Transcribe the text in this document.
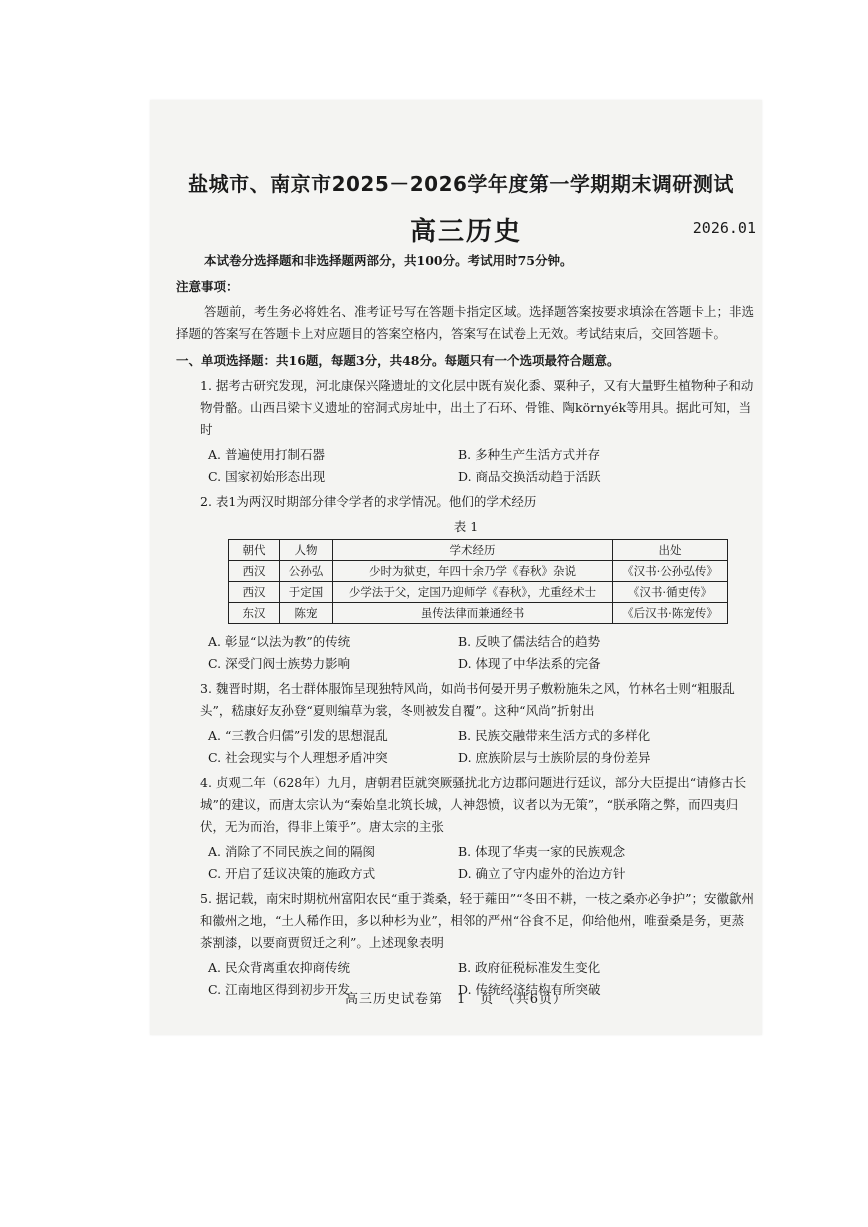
盐城市、南京市2025－2026学年度第一学期期末调研测试
高三历史	2026.01

本试卷分选择题和非选择题两部分，共100分。考试用时75分钟。

注意事项：

答题前，考生务必将姓名、准考证号写在答题卡指定区域。选择题答案按要求填涂在答题卡上；非选择题的答案写在答题卡上对应题目的答案空格内，答案写在试卷上无效。考试结束后，交回答题卡。

一、单项选择题：共16题，每题3分，共48分。每题只有一个选项最符合题意。

1. 据考古研究发现，河北康保兴隆遗址的文化层中既有炭化黍、粟种子，又有大量野生植物种子和动物骨骼。山西吕梁卞义遗址的窑洞式房址中，出土了石环、骨锥、陶környék等用具。据此可知，当时

A. 普遍使用打制石器	B. 多种生产生活方式并存
C. 国家初始形态出现	D. 商品交换活动趋于活跃

2. 表1为两汉时期部分律令学者的求学情况。他们的学术经历

表 1

朝代	人物	学术经历	出处
西汉	公孙弘	少时为狱吏，年四十余乃学《春秋》杂说	《汉书·公孙弘传》
西汉	于定国	少学法于父，定国乃迎师学《春秋》，尤重经术士	《汉书·循吏传》
东汉	陈宠	虽传法律而兼通经书	《后汉书·陈宠传》
A. 彰显“以法为教”的传统	B. 反映了儒法结合的趋势
C. 深受门阀士族势力影响	D. 体现了中华法系的完备

3. 魏晋时期，名士群体服饰呈现独特风尚，如尚书何晏开男子敷粉施朱之风，竹林名士则“粗服乱头”，嵇康好友孙登“夏则编草为裳，冬则被发自覆”。这种“风尚”折射出

A. “三教合归儒”引发的思想混乱	B. 民族交融带来生活方式的多样化
C. 社会现实与个人理想矛盾冲突	D. 庶族阶层与士族阶层的身份差异

4. 贞观二年（628年）九月，唐朝君臣就突厥骚扰北方边郡问题进行廷议，部分大臣提出“请修古长城”的建议，而唐太宗认为“秦始皇北筑长城，人神怨愤，议者以为无策”，“朕承隋之弊，而四夷归伏，无为而治，得非上策乎”。唐太宗的主张

A. 消除了不同民族之间的隔阂	B. 体现了华夷一家的民族观念
C. 开启了廷议决策的施政方式	D. 确立了守内虚外的治边方针

5. 据记载，南宋时期杭州富阳农民“重于粪桑，轻于蕹田”“冬田不耕，一枝之桑亦必争护”；安徽歙州和徽州之地，“土人稀作田，多以种杉为业”，相邻的严州“谷食不足，仰给他州，唯蚕桑是务，更蒸茶割漆，以要商贾贸迁之利”。上述现象表明

A. 民众背离重农抑商传统	B. 政府征税标准发生变化
C. 江南地区得到初步开发	D. 传统经济结构有所突破
高三历史试卷第　1　页　（共6页）
